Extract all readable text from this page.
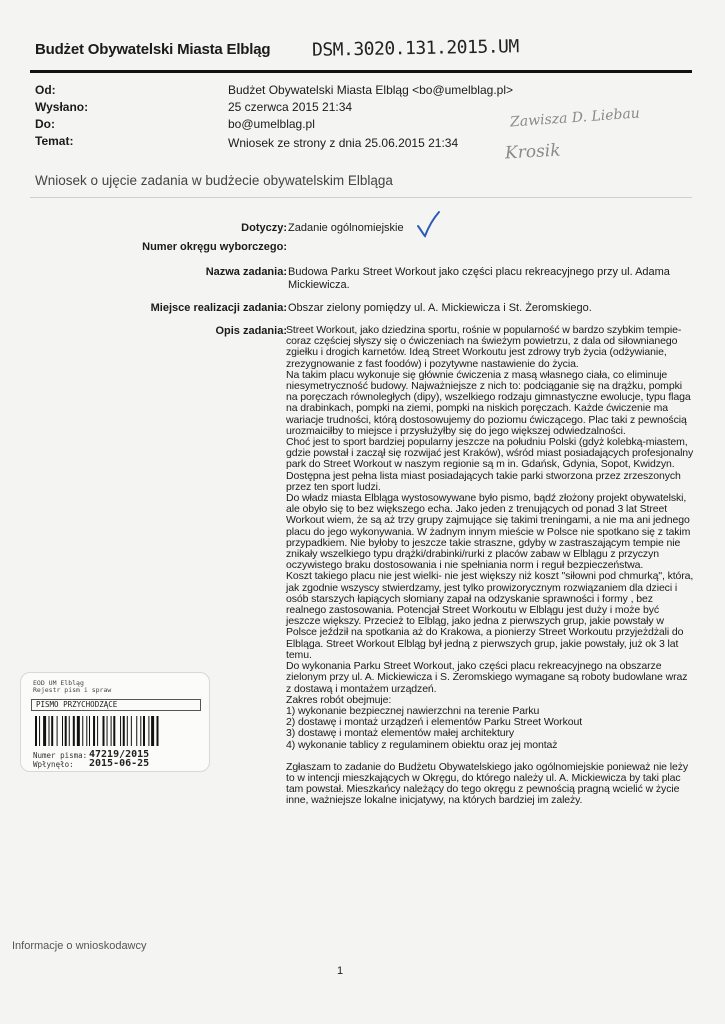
Budżet Obywatelski Miasta Elbląg DSM.3020.131.2015.UM
Od:	Budżet Obywatelski Miasta Elbląg <bo@umelblag.pl>
Wysłano:	25 czerwca 2015 21:34
Do:	bo@umelblag.pl
Temat:	Wniosek ze strony z dnia 25.06.2015 21:34
Zawisza D. Liebau
Krosik
Wniosek o ujęcie zadania w budżecie obywatelskim Elbląga
Dotyczy: Zadanie ogólnomiejskie
Numer okręgu wyborczego:
Nazwa zadania: Budowa Parku Street Workout jako części placu rekreacyjnego przy ul. Adama Mickiewicza.
Miejsce realizacji zadania: Obszar zielony pomiędzy ul. A. Mickiewicza i St. Żeromskiego.
Opis zadania: Street Workout, jako dziedzina sportu, rośnie w popularność w bardzo szybkim tempie- coraz częściej słyszy się o ćwiczeniach na świeżym powietrzu, z dala od siłownianego zgiełku i drogich karnetów. Ideą Street Workoutu jest zdrowy tryb życia (odżywianie, zrezygnowanie z fast foodów) i pozytywne nastawienie do życia.

Na takim placu wykonuje się głównie ćwiczenia z masą własnego ciała, co eliminuje niesymetryczność budowy. Najważniejsze z nich to: podciąganie się na drążku, pompki na poręczach równoległych (dipy), wszelkiego rodzaju gimnastyczne ewolucje, typu flaga na drabinkach, pompki na ziemi, pompki na niskich poręczach. Każde ćwiczenie ma wariacje trudności, którą dostosowujemy do poziomu ćwiczącego. Plac taki z pewnością urozmaiciłby to miejsce i przysłużyłby się do jego większej odwiedzalności.

Choć jest to sport bardziej popularny jeszcze na południu Polski (gdyż kolebką-miastem, gdzie powstał i zaczął się rozwijać jest Kraków), wśród miast posiadających profesjonalny park do Street Workout w naszym regionie są m in. Gdańsk, Gdynia, Sopot, Kwidzyn. Dostępna jest pełna lista miast posiadających takie parki stworzona przez zrzeszonych przez ten sport ludzi.

Do władz miasta Elbląga wystosowywane było pismo, bądź złożony projekt obywatelski, ale obyło się to bez większego echa. Jako jeden z trenujących od ponad 3 lat Street Workout wiem, że są aż trzy grupy zajmujące się takimi treningami, a nie ma ani jednego placu do jego wykonywania. W żadnym innym mieście w Polsce nie spotkano się z takim przypadkiem. Nie byłoby to jeszcze takie straszne, gdyby w zastraszającym tempie nie znikały wszelkiego typu drążki/drabinki/rurki z placów zabaw w Elblągu z przyczyn oczywistego braku dostosowania i nie spełniania norm i reguł bezpieczeństwa.

Koszt takiego placu nie jest wielki- nie jest większy niż koszt "siłowni pod chmurką", która, jak zgodnie wszyscy stwierdzamy, jest tylko prowizorycznym rozwiązaniem dla dzieci i osób starszych łapiących słomiany zapał na odzyskanie sprawności i formy , bez realnego zastosowania. Potencjał Street Workoutu w Elblągu jest duży i może być jeszcze większy. Przecież to Elbląg, jako jedna z pierwszych grup, jakie powstały w Polsce jeździł na spotkania aż do Krakowa, a pionierzy Street Workoutu przyjeżdżali do Elbląga. Street Workout Elbląg był jedną z pierwszych grup, jakie powstały, już ok 3 lat temu.

Do wykonania Parku Street Workout, jako części placu rekreacyjnego na obszarze zielonym przy ul. A. Mickiewicza i S. Żeromskiego wymagane są roboty budowlane wraz z dostawą i montażem urządzeń.

Zakres robót obejmuje:

1) wykonanie bezpiecznej nawierzchni na terenie Parku

2) dostawę i montaż urządzeń i elementów Parku Street Workout

3) dostawę i montaż elementów małej architektury

4) wykonanie tablicy z regulaminem obiektu oraz jej montaż

Zgłaszam to zadanie do Budżetu Obywatelskiego jako ogólnomiejskie ponieważ nie leży to w intencji mieszkających w Okręgu, do którego należy ul. A. Mickiewicza by taki plac tam powstał. Mieszkańcy należący do tego okręgu z pewnością pragną wcielić w życie inne, ważniejsze lokalne inicjatywy, na których bardziej im zależy.

EOD UM Elbląg
Rejestr pism i spraw
PISMO PRZYCHODZĄCE
Numer pisma: 47219/2015
Wpłynęło: 2015-06-25
Informacje o wnioskodawcy
1
